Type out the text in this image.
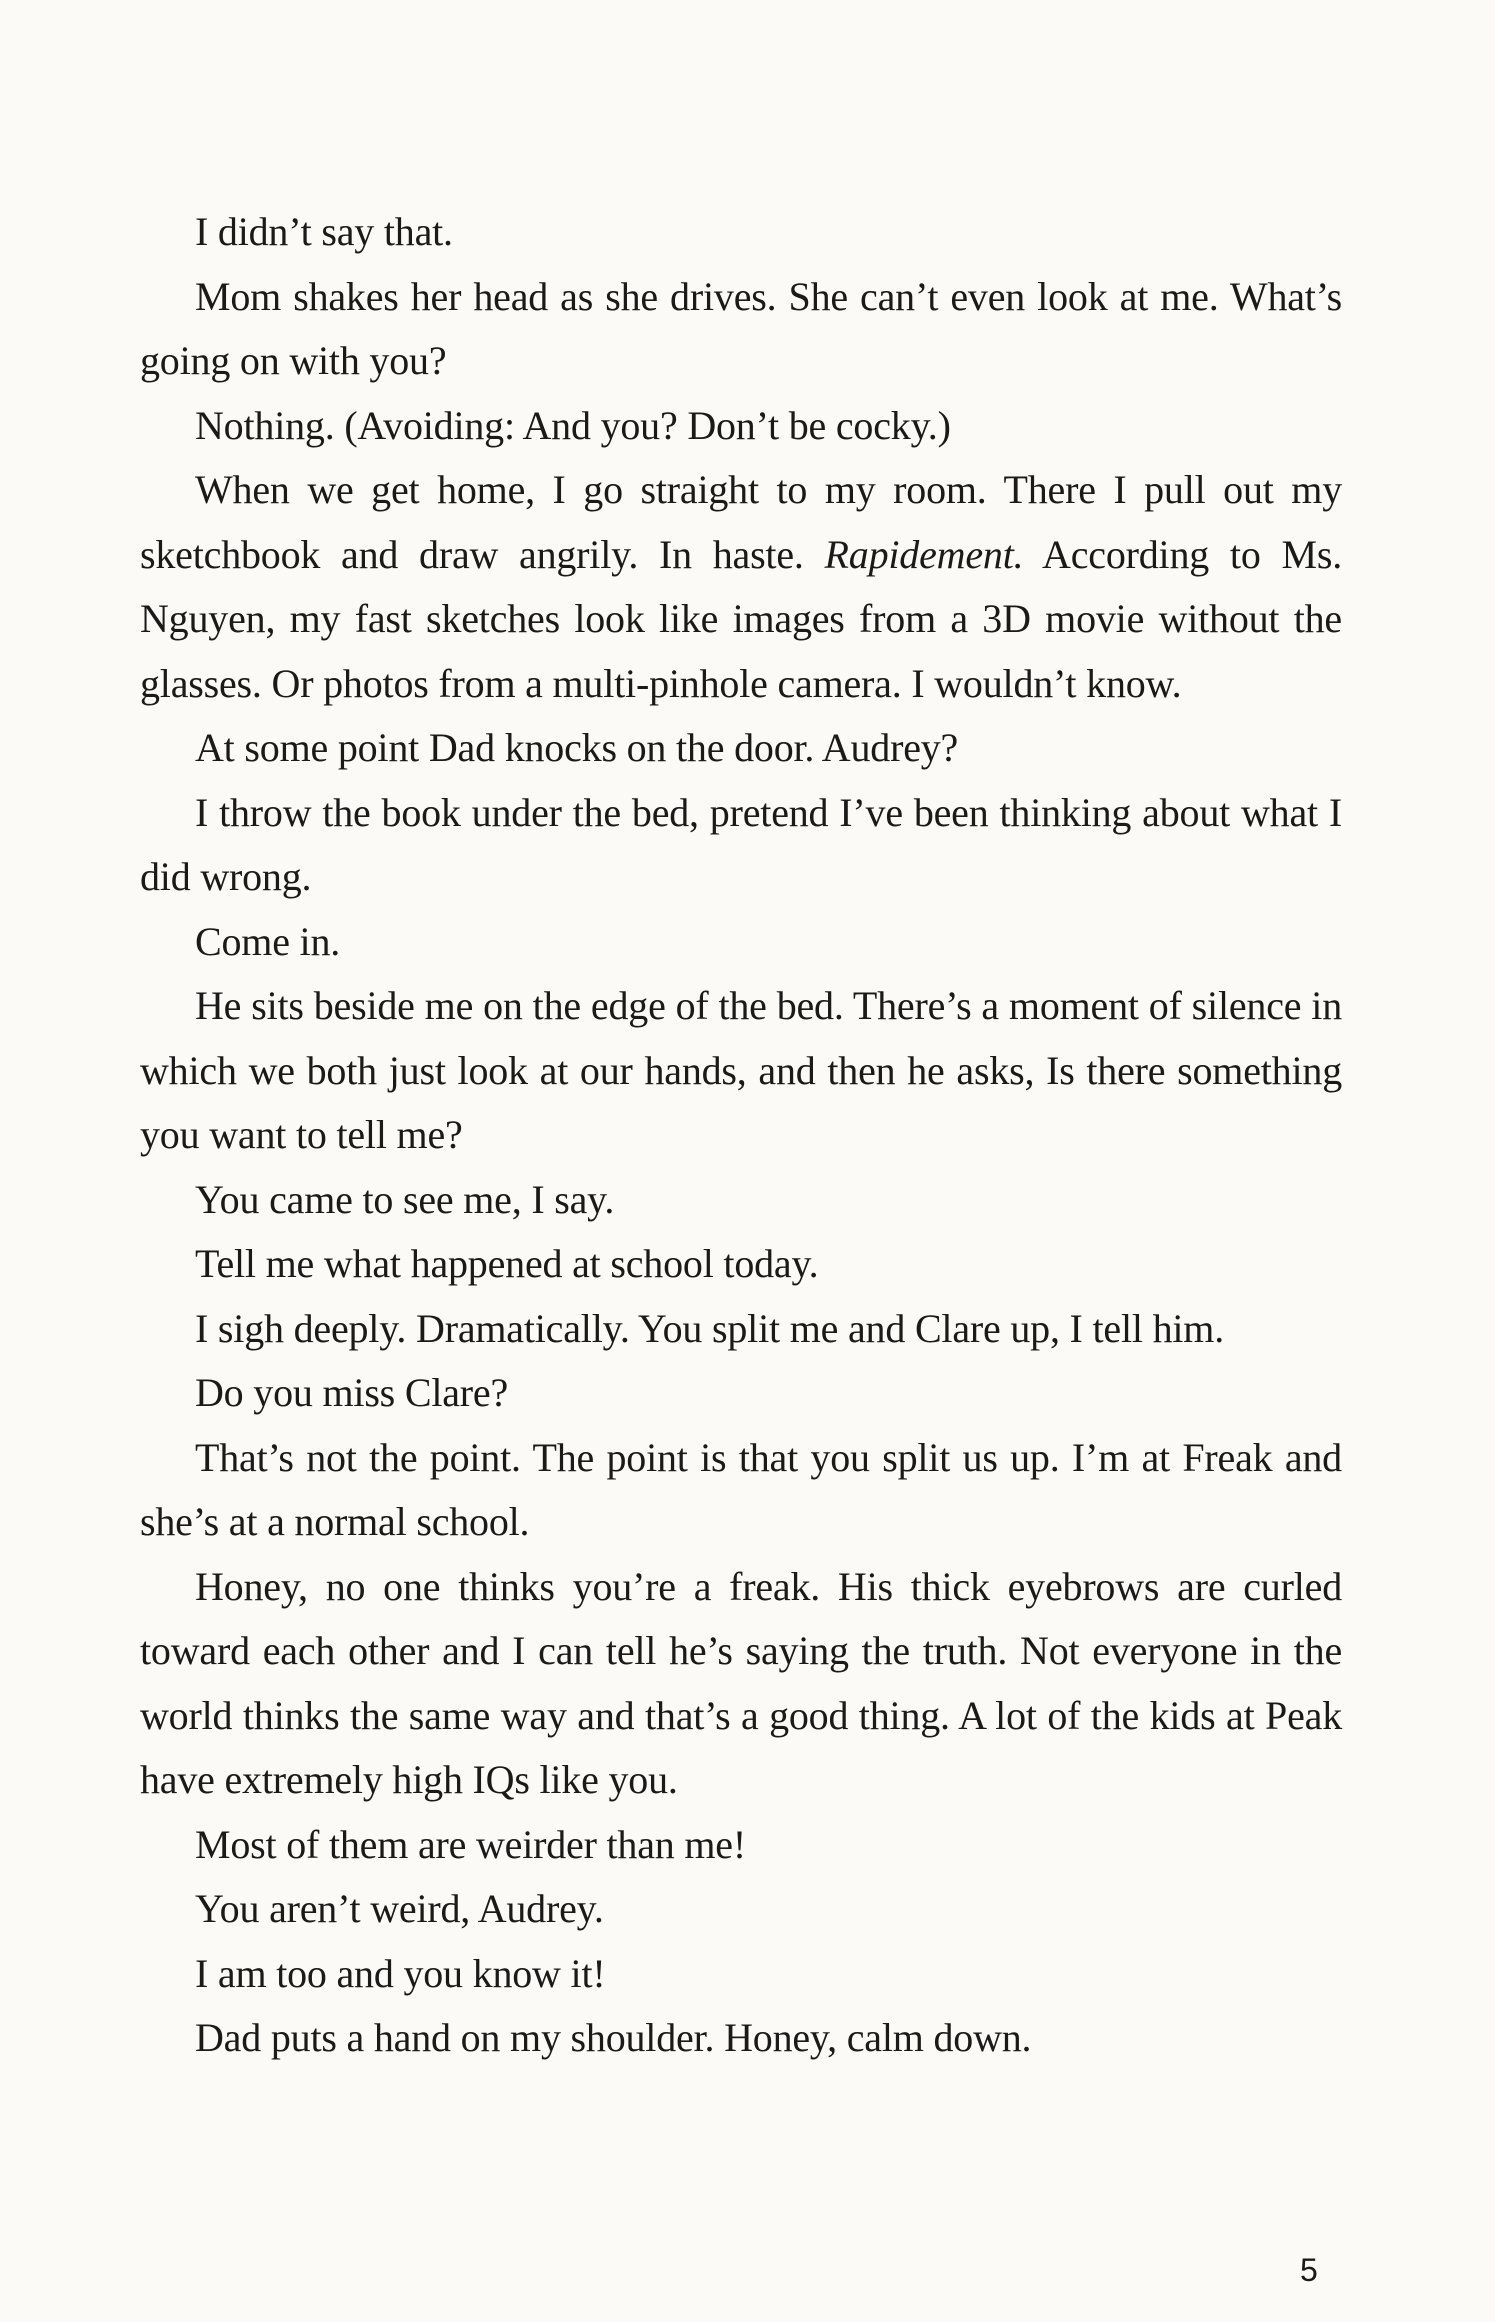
I didn’t say that.

Mom shakes her head as she drives. She can’t even look at me. What’s going on with you?

Nothing. (Avoiding: And you? Don’t be cocky.)

When we get home, I go straight to my room. There I pull out my sketchbook and draw angrily. In haste. Rapidement. According to Ms. Nguyen, my fast sketches look like images from a 3D movie without the glasses. Or photos from a multi-pinhole camera. I wouldn’t know.

At some point Dad knocks on the door. Audrey?

I throw the book under the bed, pretend I’ve been thinking about what I did wrong.

Come in.

He sits beside me on the edge of the bed. There’s a moment of silence in which we both just look at our hands, and then he asks, Is there something you want to tell me?

You came to see me, I say.

Tell me what happened at school today.

I sigh deeply. Dramatically. You split me and Clare up, I tell him.

Do you miss Clare?

That’s not the point. The point is that you split us up. I’m at Freak and she’s at a normal school.

Honey, no one thinks you’re a freak. His thick eyebrows are curled toward each other and I can tell he’s saying the truth. Not everyone in the world thinks the same way and that’s a good thing. A lot of the kids at Peak have extremely high IQs like you.

Most of them are weirder than me!

You aren’t weird, Audrey.

I am too and you know it!

Dad puts a hand on my shoulder. Honey, calm down.

5
